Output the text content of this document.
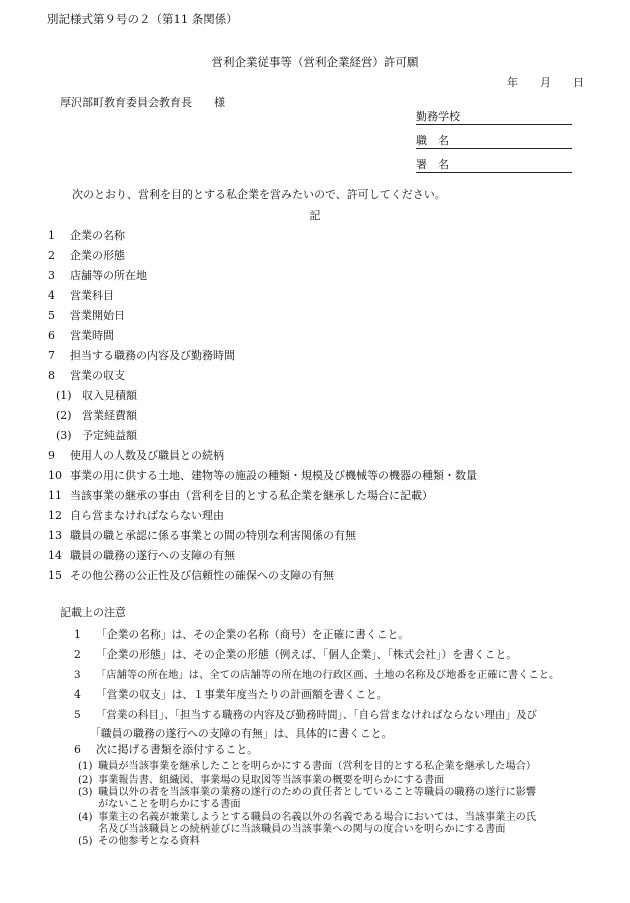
別記様式第９号の２（第11 条関係）
営利企業従事等（営利企業経営）許可願
年 月 日
厚沢部町教育委員会教育長　　様
勤務学校
職　名
署　名
次のとおり、営利を目的とする私企業を営みたいので、許可してください。
記
1 企業の名称
2 企業の形態
3 店舗等の所在地
4 営業科目
5 営業開始日
6 営業時間
7 担当する職務の内容及び勤務時間
8 営業の収支
(1) 収入見積額
(2) 営業経費額
(3) 予定純益額
9 使用人の人数及び職員との続柄
10 事業の用に供する土地、建物等の施設の種類・規模及び機械等の機器の種類・数量
11 当該事業の継承の事由（営利を目的とする私企業を継承した場合に記載）
12 自ら営まなければならない理由
13 職員の職と承認に係る事業との間の特別な利害関係の有無
14 職員の職務の遂行への支障の有無
15 その他公務の公正性及び信頼性の確保への支障の有無
記載上の注意
1 「企業の名称」は、その企業の名称（商号）を正確に書くこと。
2 「企業の形態」は、その企業の形態（例えば、「個人企業」、「株式会社」）を書くこと。
3 「店舗等の所在地」は、全ての店舗等の所在地の行政区画、土地の名称及び地番を正確に書くこと。
4 「営業の収支」は、１事業年度当たりの計画額を書くこと。
5 「営業の科目」、「担当する職務の内容及び勤務時間」、「自ら営まなければならない理由」及び
「職員の職務の遂行への支障の有無」は、具体的に書くこと。
6 次に掲げる書類を添付すること。
(1) 職員が当該事業を継承したことを明らかにする書面（営利を目的とする私企業を継承した場合）
(2) 事業報告書、組織図、事業場の見取図等当該事業の概要を明らかにする書面
(3) 職員以外の者を当該事業の業務の遂行のための責任者としていること等職員の職務の遂行に影響
がないことを明らかにする書面
(4) 事業主の名義が兼業しようとする職員の名義以外の名義である場合においては、当該事業主の氏
名及び当該職員との続柄並びに当該職員の当該事業への関与の度合いを明らかにする書面
(5) その他参考となる資料
